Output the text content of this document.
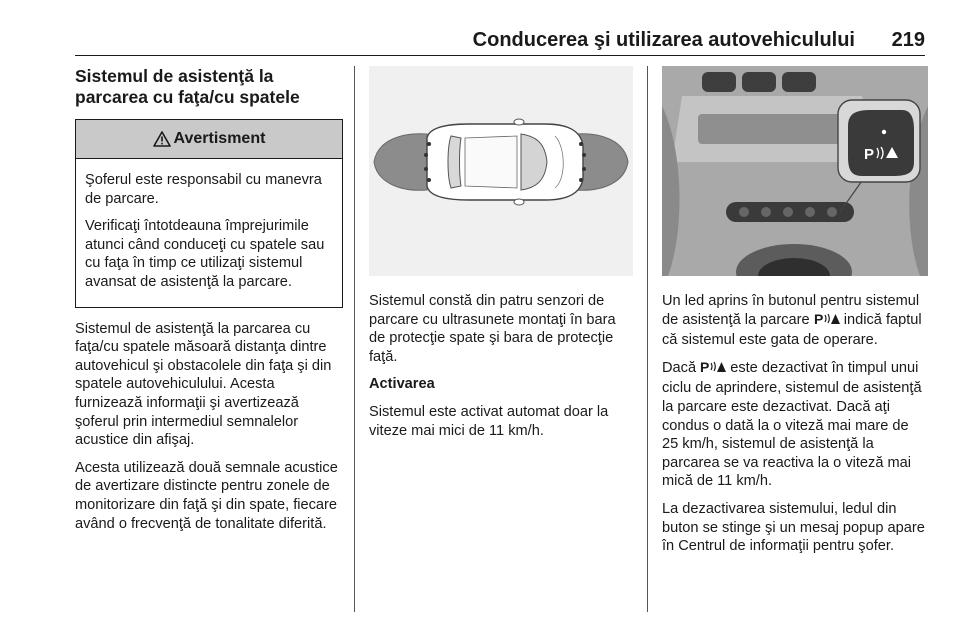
Conducerea şi utilizarea autovehiculului 219
Sistemul de asistenţă la parcarea cu faţa/cu spatele
Avertisment

Şoferul este responsabil cu manevra de parcare.

Verificaţi întotdeauna împrejurimile atunci când conduceţi cu spatele sau cu faţa în timp ce utilizaţi sistemul avansat de asistenţă la parcare.

Sistemul de asistenţă la parcarea cu faţa/cu spatele măsoară distanţa dintre autovehicul şi obstacolele din faţa şi din spatele autovehiculului. Acesta furnizează informaţii şi avertizează şoferul prin intermediul semnalelor acustice din afişaj.

Acesta utilizează două semnale acustice de avertizare distincte pentru zonele de monitorizare din faţă şi din spate, fiecare având o frecvenţă de tonalitate diferită.

Sistemul constă din patru senzori de parcare cu ultrasunete montaţi în bara de protecţie spate şi bara de protecţie faţă.

Activarea

Sistemul este activat automat doar la viteze mai mici de 11 km/h.

P

Un led aprins în butonul pentru sistemul de asistenţă la parcare P indică faptul că sistemul este gata de operare.

Dacă P este dezactivat în timpul unui ciclu de aprindere, sistemul de asistenţă la parcare este dezactivat. Dacă aţi condus o dată la o viteză mai mare de 25 km/h, sistemul de asistenţă la parcarea se va reactiva la o viteză mai mică de 11 km/h.

La dezactivarea sistemului, ledul din buton se stinge şi un mesaj popup apare în Centrul de informaţii pentru şofer.
